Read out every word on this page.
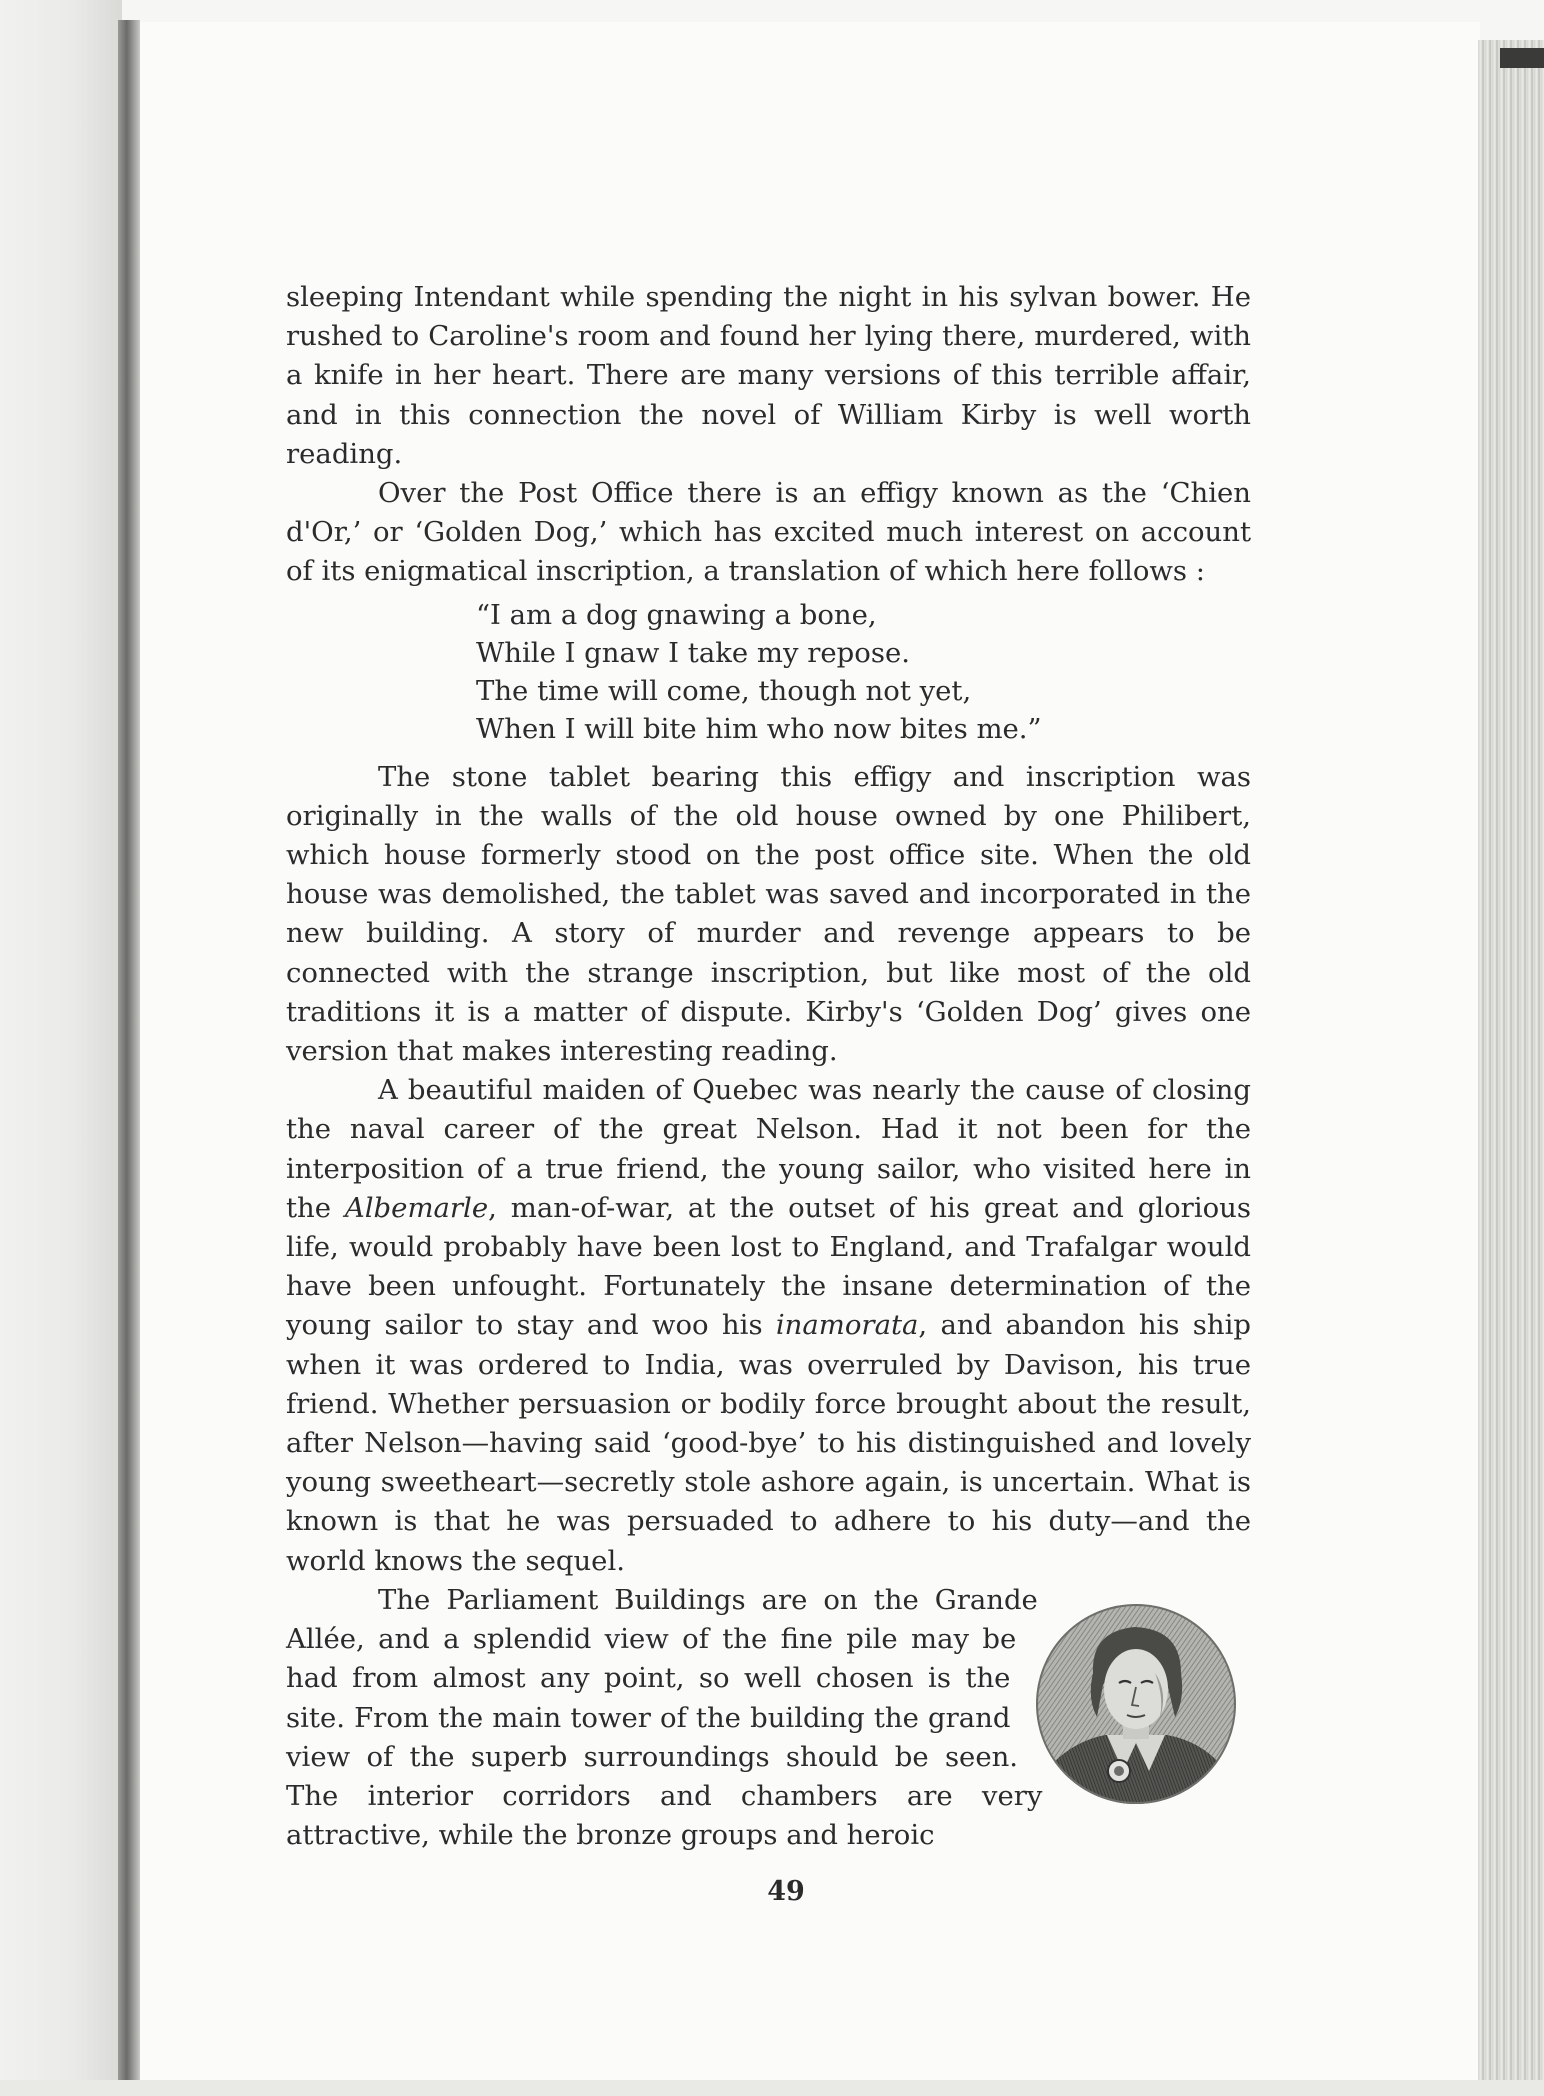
sleeping Intendant while spending the night in his sylvan bower. He rushed to Caroline's room and found her lying there, murdered, with a knife in her heart. There are many versions of this terrible affair, and in this connection the novel of William Kirby is well worth reading.

Over the Post Office there is an effigy known as the ‘Chien d'Or,’ or ‘Golden Dog,’ which has excited much interest on account of its enigmatical inscription, a translation of which here follows :

“I am a dog gnawing a bone,
While I gnaw I take my repose.
The time will come, though not yet,
When I will bite him who now bites me.”

The stone tablet bearing this effigy and inscription was originally in the walls of the old house owned by one Philibert, which house formerly stood on the post office site. When the old house was demolished, the tablet was saved and incorporated in the new building. A story of murder and revenge appears to be connected with the strange inscription, but like most of the old traditions it is a matter of dispute. Kirby's ‘Golden Dog’ gives one version that makes interesting reading.

A beautiful maiden of Quebec was nearly the cause of closing the naval career of the great Nelson. Had it not been for the interposition of a true friend, the young sailor, who visited here in the Albemarle, man-of-war, at the outset of his great and glorious life, would probably have been lost to England, and Trafalgar would have been unfought. Fortunately the insane determination of the young sailor to stay and woo his inamorata, and abandon his ship when it was ordered to India, was overruled by Davison, his true friend. Whether persuasion or bodily force brought about the result, after Nelson—having said ‘good-bye’ to his distinguished and lovely young sweetheart—secretly stole ashore again, is uncertain. What is known is that he was persuaded to adhere to his duty—and the world knows the sequel.

The Parliament Buildings are on the Grande Allée, and a splendid view of the fine pile may be had from almost any point, so well chosen is the site. From the main tower of the building the grand view of the superb surroundings should be seen. The interior corridors and chambers are very attractive, while the bronze groups and heroic

49
